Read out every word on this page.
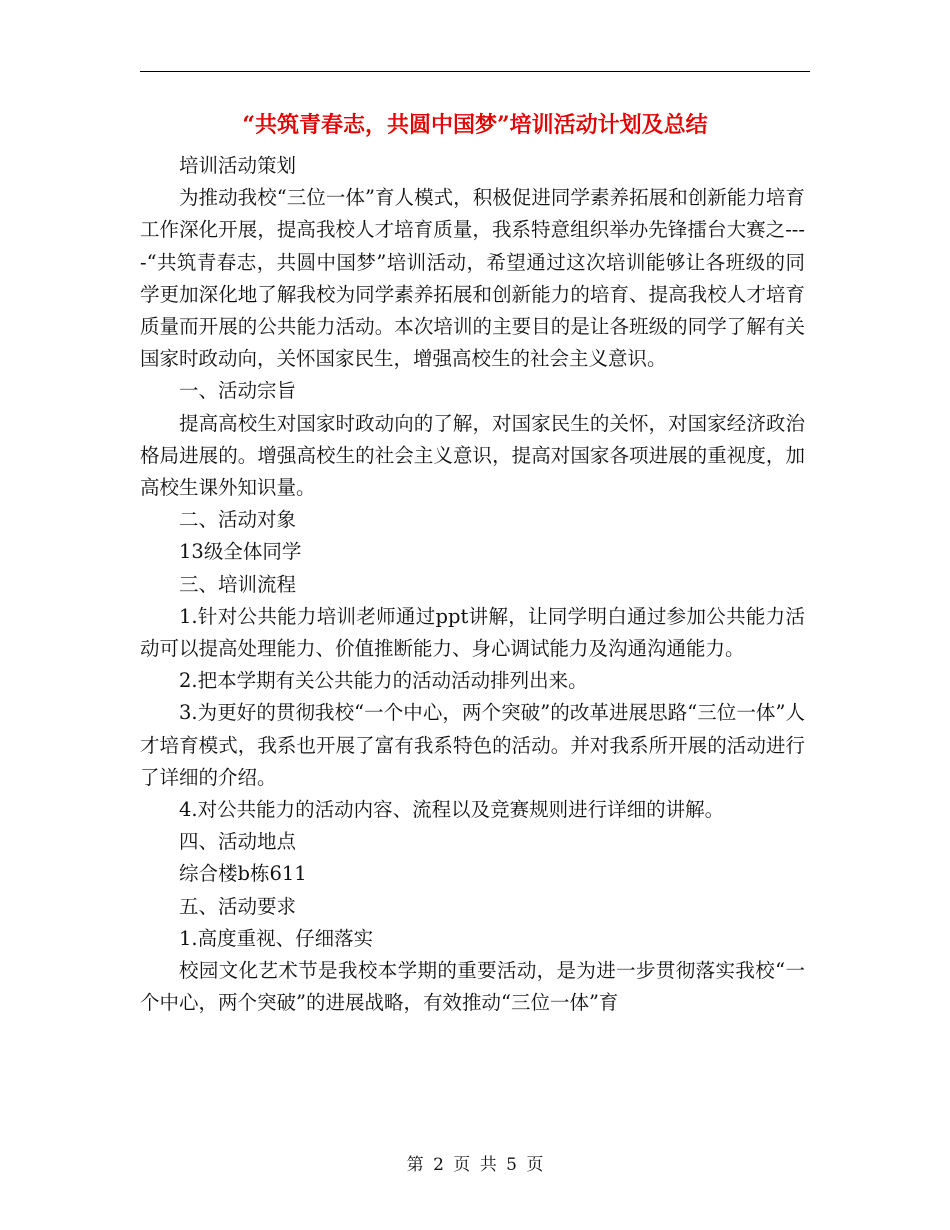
“共筑青春志，共圆中国梦”培训活动计划及总结

培训活动策划

为推动我校“三位一体”育人模式，积极促进同学素养拓展和创新能力培育工作深化开展，提高我校人才培育质量，我系特意组织举办先锋擂台大赛之----“共筑青春志，共圆中国梦”培训活动，希望通过这次培训能够让各班级的同学更加深化地了解我校为同学素养拓展和创新能力的培育、提高我校人才培育质量而开展的公共能力活动。本次培训的主要目的是让各班级的同学了解有关国家时政动向，关怀国家民生，增强高校生的社会主义意识。

一、活动宗旨

提高高校生对国家时政动向的了解，对国家民生的关怀，对国家经济政治格局进展的。增强高校生的社会主义意识，提高对国家各项进展的重视度，加高校生课外知识量。

二、活动对象

13级全体同学

三、培训流程

1.针对公共能力培训老师通过ppt讲解，让同学明白通过参加公共能力活动可以提高处理能力、价值推断能力、身心调试能力及沟通沟通能力。

2.把本学期有关公共能力的活动活动排列出来。

3.为更好的贯彻我校“一个中心，两个突破”的改革进展思路“三位一体”人才培育模式，我系也开展了富有我系特色的活动。并对我系所开展的活动进行了详细的介绍。

4.对公共能力的活动内容、流程以及竞赛规则进行详细的讲解。

四、活动地点

综合楼b栋611

五、活动要求

1.高度重视、仔细落实

校园文化艺术节是我校本学期的重要活动，是为进一步贯彻落实我校“一个中心，两个突破”的进展战略，有效推动“三位一体”育

第 2 页 共 5 页
